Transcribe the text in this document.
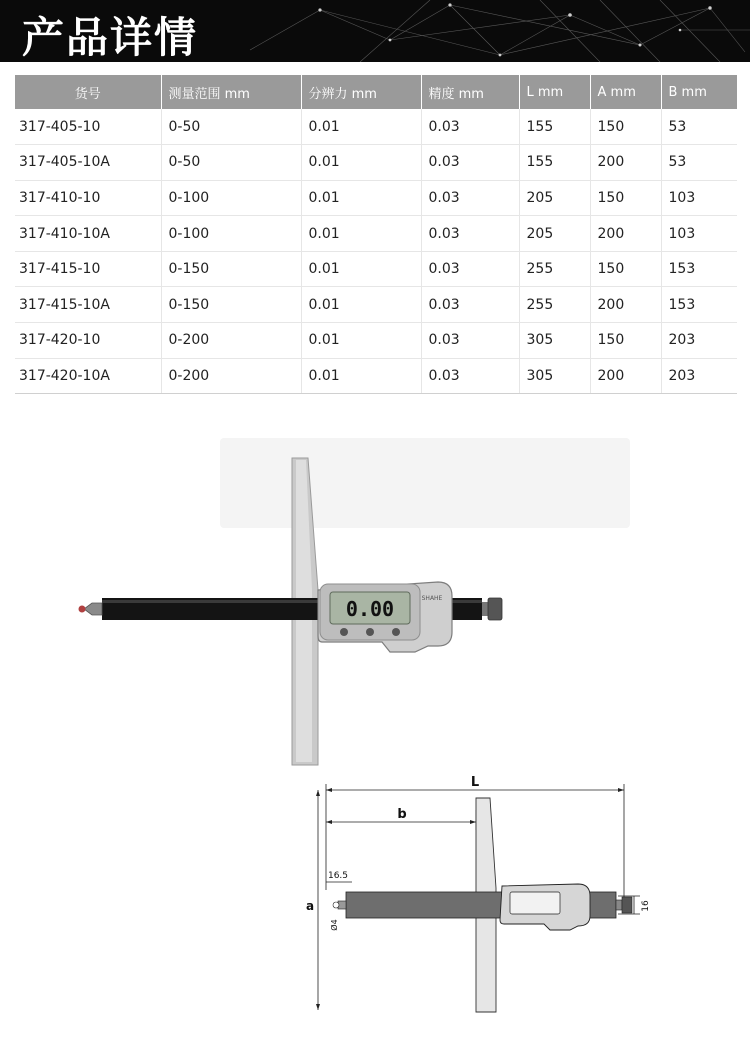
产品详情
货号	测量范围 mm	分辨力 mm	精度 mm	L mm	A mm	B mm
317-405-10	0-50	0.01	0.03	155	150	53
317-405-10A	0-50	0.01	0.03	155	200	53
317-410-10	0-100	0.01	0.03	205	150	103
317-410-10A	0-100	0.01	0.03	205	200	103
317-415-10	0-150	0.01	0.03	255	150	153
317-415-10A	0-150	0.01	0.03	255	200	153
317-420-10	0-200	0.01	0.03	305	150	203
317-420-10A	0-200	0.01	0.03	305	200	203
0.00	SHAHE
L
b
a
16.5
Ø4
16
